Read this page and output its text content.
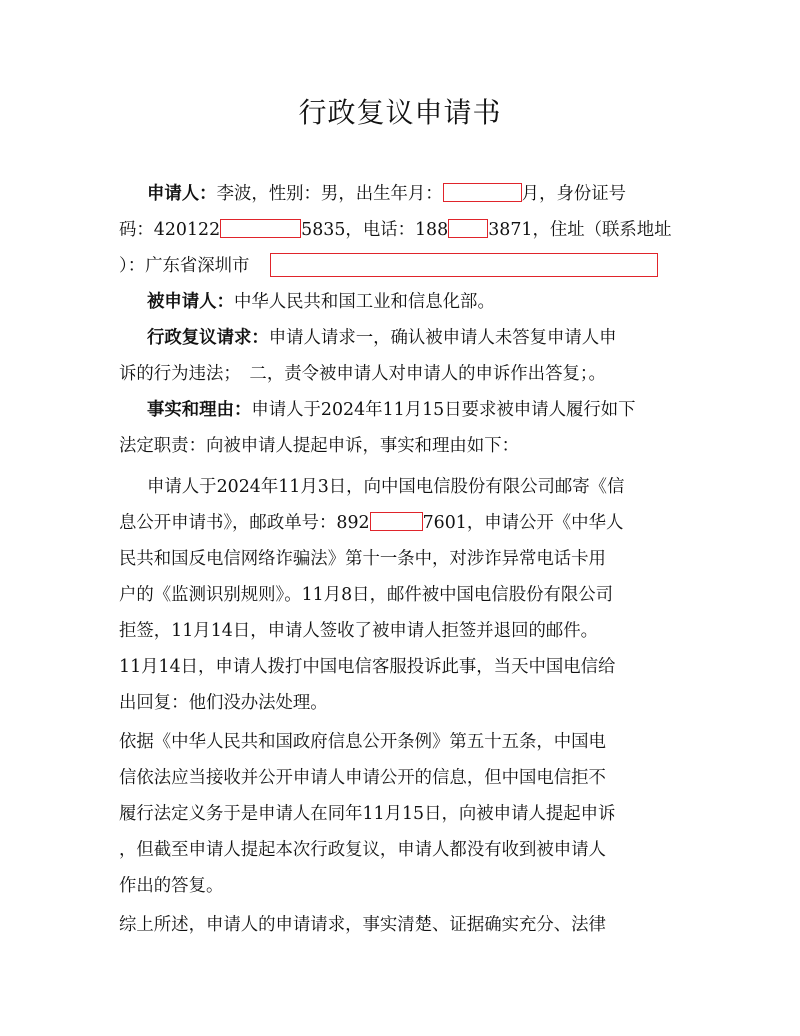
行政复议申请书
申请人：李波，性别：男，出生年月：	月，身份证号
码：420122	5835，电话：188 3871，住址（联系地址
）：广东省深圳市
被申请人：中华人民共和国工业和信息化部。
行政复议请求：申请人请求一，确认被申请人未答复申请人申
诉的行为违法；　二，责令被申请人对申请人的申诉作出答复；。
事实和理由：申请人于2024年11月15日要求被申请人履行如下
法定职责：向被申请人提起申诉，事实和理由如下：
申请人于2024年11月3日，向中国电信股份有限公司邮寄《信
息公开申请书》，邮政单号：892	7601，申请公开《中华人
民共和国反电信网络诈骗法》第十一条中，对涉诈异常电话卡用
户的《监测识别规则》。11月8日，邮件被中国电信股份有限公司
拒签，11月14日，申请人签收了被申请人拒签并退回的邮件。
11月14日，申请人拨打中国电信客服投诉此事，当天中国电信给
出回复：他们没办法处理。
依据《中华人民共和国政府信息公开条例》第五十五条，中国电
信依法应当接收并公开申请人申请公开的信息，但中国电信拒不
履行法定义务于是申请人在同年11月15日，向被申请人提起申诉
，但截至申请人提起本次行政复议，申请人都没有收到被申请人
作出的答复。
综上所述，申请人的申请请求，事实清楚、证据确实充分、法律
